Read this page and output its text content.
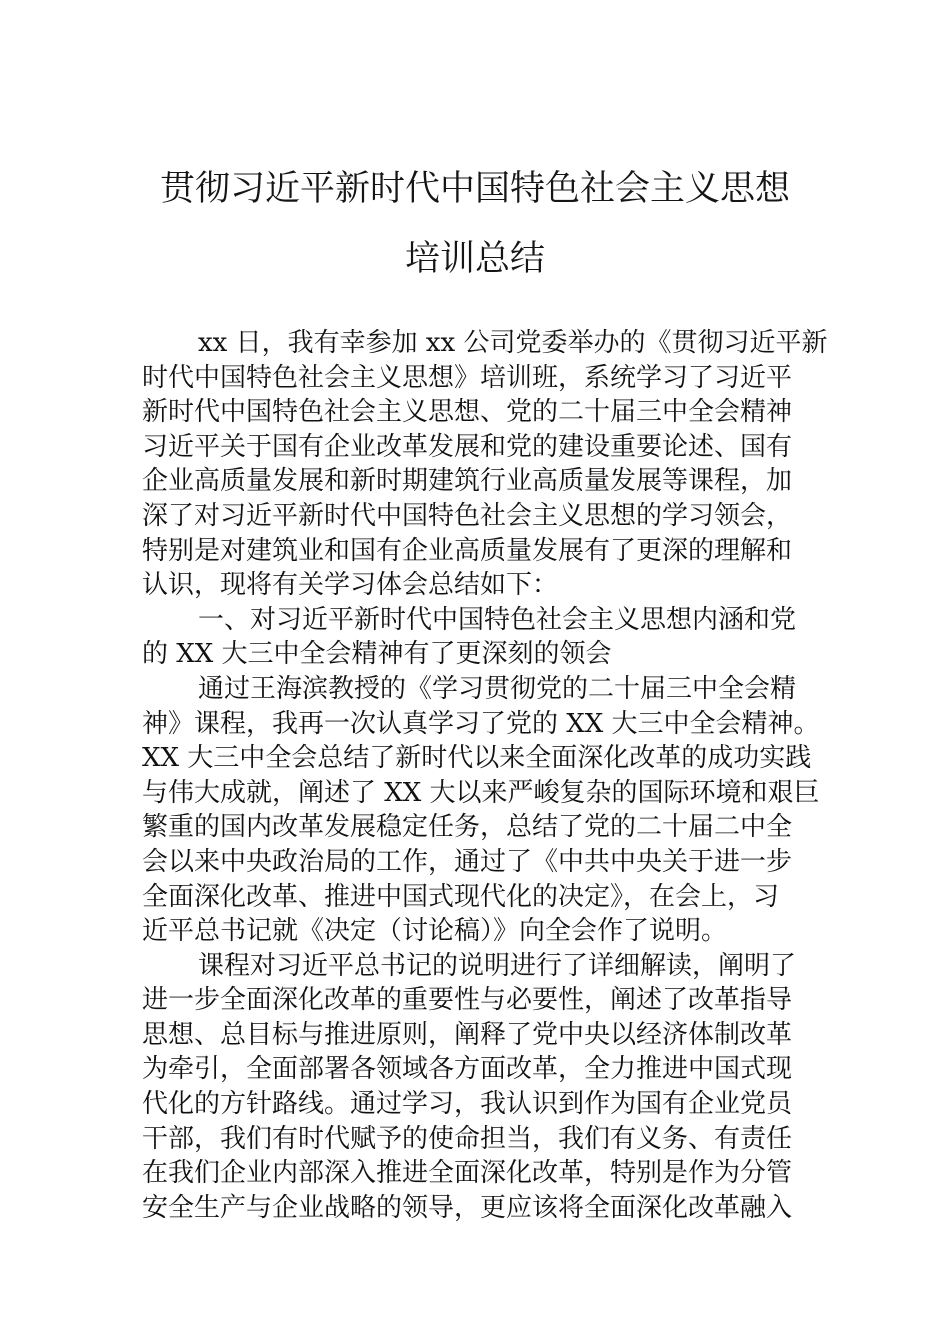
贯彻习近平新时代中国特色社会主义思想
培训总结
xx 日，我有幸参加 xx 公司党委举办的《贯彻习近平新
时代中国特色社会主义思想》培训班，系统学习了习近平
新时代中国特色社会主义思想、党的二十届三中全会精神
习近平关于国有企业改革发展和党的建设重要论述、国有
企业高质量发展和新时期建筑行业高质量发展等课程，加
深了对习近平新时代中国特色社会主义思想的学习领会，
特别是对建筑业和国有企业高质量发展有了更深的理解和
认识，现将有关学习体会总结如下：
一、对习近平新时代中国特色社会主义思想内涵和党
的 XX 大三中全会精神有了更深刻的领会
通过王海滨教授的《学习贯彻党的二十届三中全会精
神》课程，我再一次认真学习了党的 XX 大三中全会精神。
XX 大三中全会总结了新时代以来全面深化改革的成功实践
与伟大成就，阐述了 XX 大以来严峻复杂的国际环境和艰巨
繁重的国内改革发展稳定任务，总结了党的二十届二中全
会以来中央政治局的工作，通过了《中共中央关于进一步
全面深化改革、推进中国式现代化的决定》，在会上，习
近平总书记就《决定（讨论稿）》向全会作了说明。
课程对习近平总书记的说明进行了详细解读，阐明了
进一步全面深化改革的重要性与必要性，阐述了改革指导
思想、总目标与推进原则，阐释了党中央以经济体制改革
为牵引，全面部署各领域各方面改革，全力推进中国式现
代化的方针路线。通过学习，我认识到作为国有企业党员
干部，我们有时代赋予的使命担当，我们有义务、有责任
在我们企业内部深入推进全面深化改革，特别是作为分管
安全生产与企业战略的领导，更应该将全面深化改革融入
